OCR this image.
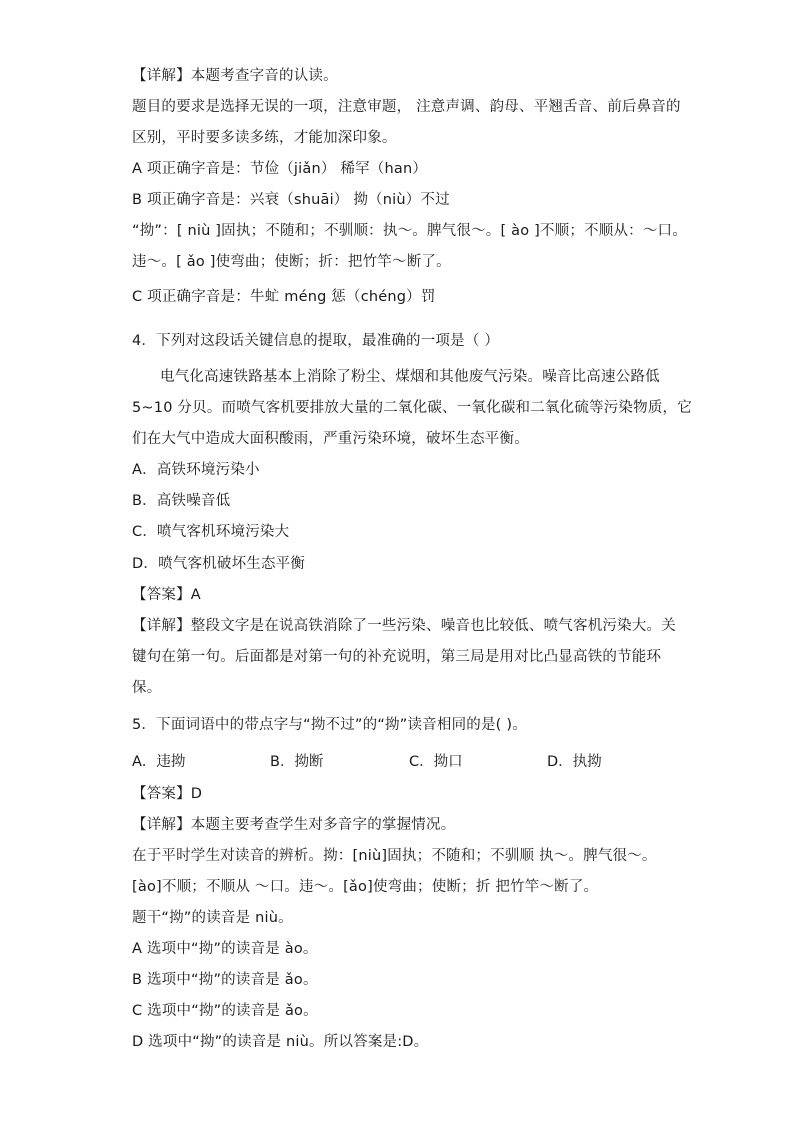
【详解】本题考查字音的认读。
题目的要求是选择无误的一项，注意审题， 注意声调、韵母、平翘舌音、前后鼻音的
区别，平时要多读多练，才能加深印象。
A 项正确字音是：节俭（jiǎn） 稀罕（han）
B 项正确字音是：兴衰（shuāi） 拗（niù）不过
“拗”：[ niù ]固执；不随和；不驯顺：执～。脾气很～。[ ào ]不顺；不顺从：～口。
违～。[ ǎo ]使弯曲；使断；折：把竹竿～断了。
C 项正确字音是：牛虻 méng 惩（chéng）罚
4．下列对这段话关键信息的提取，最准确的一项是（ ）
电气化高速铁路基本上消除了粉尘、煤烟和其他废气污染。噪音比高速公路低
5~10 分贝。而喷气客机要排放大量的二氧化碳、一氧化碳和二氧化硫等污染物质，它
们在大气中造成大面积酸雨，严重污染环境，破坏生态平衡。
A．高铁环境污染小
B．高铁噪音低
C．喷气客机环境污染大
D．喷气客机破坏生态平衡
【答案】A
【详解】整段文字是在说高铁消除了一些污染、噪音也比较低、喷气客机污染大。关
键句在第一句。后面都是对第一句的补充说明，第三局是用对比凸显高铁的节能环
保。
5．下面词语中的带点字与“拗不过”的“拗”读音相同的是( )。
A．违拗	B．拗断	C．拗口	D．执拗
【答案】D
【详解】本题主要考查学生对多音字的掌握情况。
在于平时学生对读音的辨析。拗：[niù]固执；不随和；不驯顺 执～。脾气很～。
[ào]不顺；不顺从 ～口。违～。[ǎo]使弯曲；使断；折 把竹竿～断了。
题干“拗”的读音是 niù。
A 选项中“拗”的读音是 ào。
B 选项中“拗”的读音是 ǎo。
C 选项中“拗”的读音是 ǎo。
D 选项中“拗”的读音是 niù。所以答案是:D。
